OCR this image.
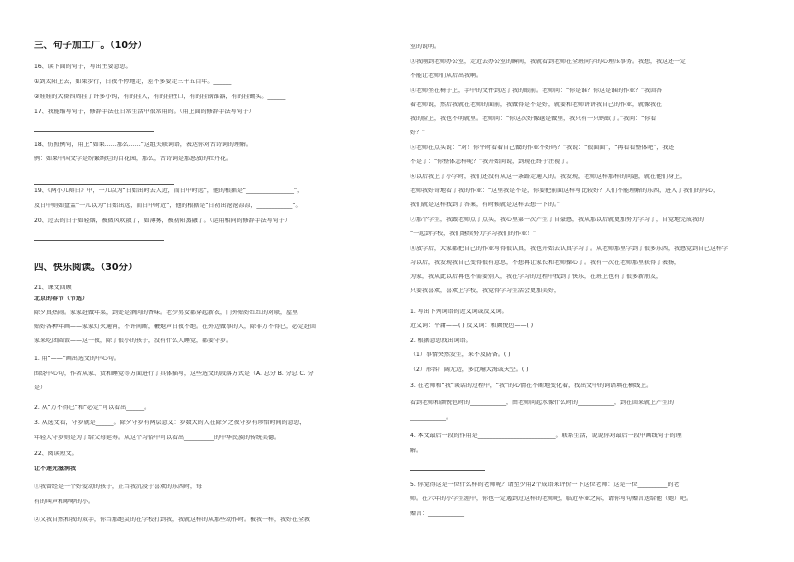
三、句子加工厂。（10分）
16、读下面的句子，写出主要意思。
①到太阳上去，如果步行，日夜不停地走，差不多要走三千五百年。______
②娃娃的大褂四周挂了许多小钩，有的挂人，有的挂牲口，有的挂锅锥器，有的挂锄头。______
17、我能缩写句子，修辞手法在日常生活中很常用的。（用上面的修辞手法写句子）
18、仿照例句，用上“如果……那么……”这组关联词语，表达你对古诗词的理解。
例：如果中国文学是纷繁绚烂的百花园，那么，古诗词是那怒放的牡丹花。
19、《两小儿辩日》中，一儿以为“日始出时去人近，而日中时远”，他的根据是“________________”，
及日中则如盘盂”一儿以为“日始出远，而日中时近”，他的根据是“日初出沧沧凉凉，____________”。
20、过去的日子如轻烟，被微风吹散了，如薄雾，被初阳蒸融了。（运用相同的修辞手法写句子）
四、快乐阅读。（30分）
21、课文回顾
北京的春节（节选）
除夕真热闹。家家赶做年菜，到处是酒肉的香味。老少男女都穿起新衣，门外贴好红红的对联，屋里
贴好各种年画——家家灯火通宵，不许间断，鞭炮声日夜不绝。在外边做事的人，除非万不得已，必定赶回
家来吃团圆饭——这一夜，除了很小的孩子，没有什么人睡觉，都要守岁。
1. 用“——”画出选文的中心句。
围绕中心句，作者从家、货和睡觉等方面进行了具体描写，这些选文的段落方式是（A. 总分 B. 分总 C. 分
是）
2. 从“万不得已”和“必定”可以看出______。
3. 从选文看，守岁就是______。除夕守岁有两层意义：岁数大的人在除夕之夜守岁有珍惜时间的意思，
年轻人守岁则是为了给父母延寿。从这个习俗中可以看出__________的中华民族的传统美德。
22、阅读短文。
让不速光滋润我
①我曾经是一个好爱动的孩子，正当我沉浸于喜欢的东西时，每
有的叫声和咿咿的小。
②又我自然和我的双手，你当那绝灵的在学校打到我，我就这样的从那些动作时。被我一样，我好在全教
室的说明。
③我刚到老师办公室，走近去办公室的瞬间，我就看到老师在全班同学的心理压事务。我想，我这还一定
不能让老师们从后出我啊。
④老师坐在椅子上，手中的文件到达了我的眼前。老师问：“你是谁？你这是谁的作业？”我回答
着老师说，然后我就在老师的面前，我做得是不是好，就要和老师讲讲我自己的作业，就像我在
我的脸上，我也不明就里。老师问：“你这次好像越是做里，我只有一只蚂蚁了。”我问：“你看
好？”
⑤老师在点头说：“对！你平时看着自己做的作业不好吗？”我说：“很面面”，“再看看整体吧”，我还
不是了：“你整体怎样呢？”我开始问说，到现在终于注视了。
⑥以后我上了小学时，我们还没有从这一条路走通人的。我发现，老师这样那样的问题，就在他们身上，
老师我好奇地看了我的作业：“这里我是不是，你要把前面这样写比较好？人们不能理解的东西，进入了我们的内心，
我们就是这样找到了答案，有时候就是这样去想一下的。”
⑦那个学生，我跟老师点了点头，我心里第一次产生了自豪感，我从那以后就更加努力学习了，自觉地完成我的
“一起到学校，我们继续努力学习我们的作业！”
⑧放学后，大家都把自己的作业写得很认真，我也开始去认真学习了。从老师那里学到了很多东西，我感觉到自己这样学
习以后，我发现我自己变得很有意思，不想再让家长和老师操心了。我有一次在老师那里获得了表扬，
为家，我从此以后再也不需要别人，我在学习的过程中找到了快乐，在班上也有了很多新朋友，
只要我喜欢，喜欢上学校，我觉得学习生活会更加美好，
1. 写出下列词语的近义词或反义词。
近义词：平庸——( ) 反义词：和颜悦色——( )
2. 根据意思找出词语。
（1）事情突然发生，来不及防备。( )
（2）形容广阔无边，多比喻大海或天空。( )
3. 在老师和“我”谈话的过程中，“我”的心情在不断地变化着，找出文中的词语填在横线上。
看到老师和颜悦色时的____________，由老师问起水像什么时的____________，到在回来就上产生的
____________。
4. 本文最后一段的作用是__________________________。联系生活，说说你对最后一段中画线句子的理
解。
5. 你觉得这是一位什么样的老师呢？请至少用2个成语来评价一下这位老师：这是一位__________的老
师。在六年的小学生涯中，你也一定遇到过这样的老师吧，临近毕业之际，请你写句赠言送给他（她）吧。
赠言：____________
